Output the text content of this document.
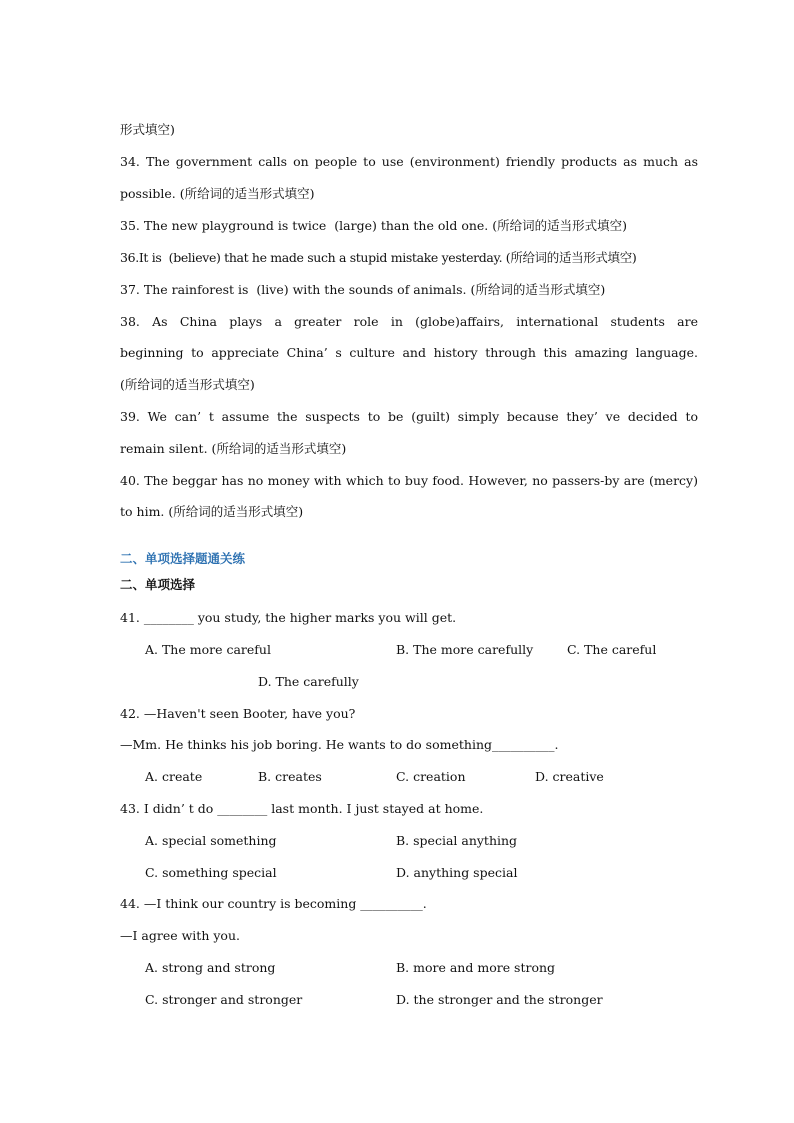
形式填空)
34. The government calls on people to use (environment) friendly products as much as
possible. (所给词的适当形式填空)
35. The new playground is twice  (large) than the old one. (所给词的适当形式填空)
36.It is  (believe) that he made such a stupid mistake yesterday. (所给词的适当形式填空)
37. The rainforest is  (live) with the sounds of animals. (所给词的适当形式填空)
38. As China plays a greater role in (globe)affairs, international students are
beginning to appreciate China’ s culture and history through this amazing language.
(所给词的适当形式填空)
39. We can’ t assume the suspects to be (guilt) simply because they’ ve decided to
remain silent. (所给词的适当形式填空)
40. The beggar has no money with which to buy food. However, no passers-by are (mercy)
to him. (所给词的适当形式填空)
二、单项选择题通关练
二、单项选择
41. ________ you study, the higher marks you will get.
A. The more careful	B. The more carefully	C. The careful
D. The carefully
42. —Haven't seen Booter, have you?
—Mm. He thinks his job boring. He wants to do something__________.
A. create	B. creates	C. creation	D. creative
43. I didn’ t do ________ last month. I just stayed at home.
A. special something	B. special anything
C. something special	D. anything special
44. —I think our country is becoming __________.
—I agree with you.
A. strong and strong	B. more and more strong
C. stronger and stronger	D. the stronger and the stronger
